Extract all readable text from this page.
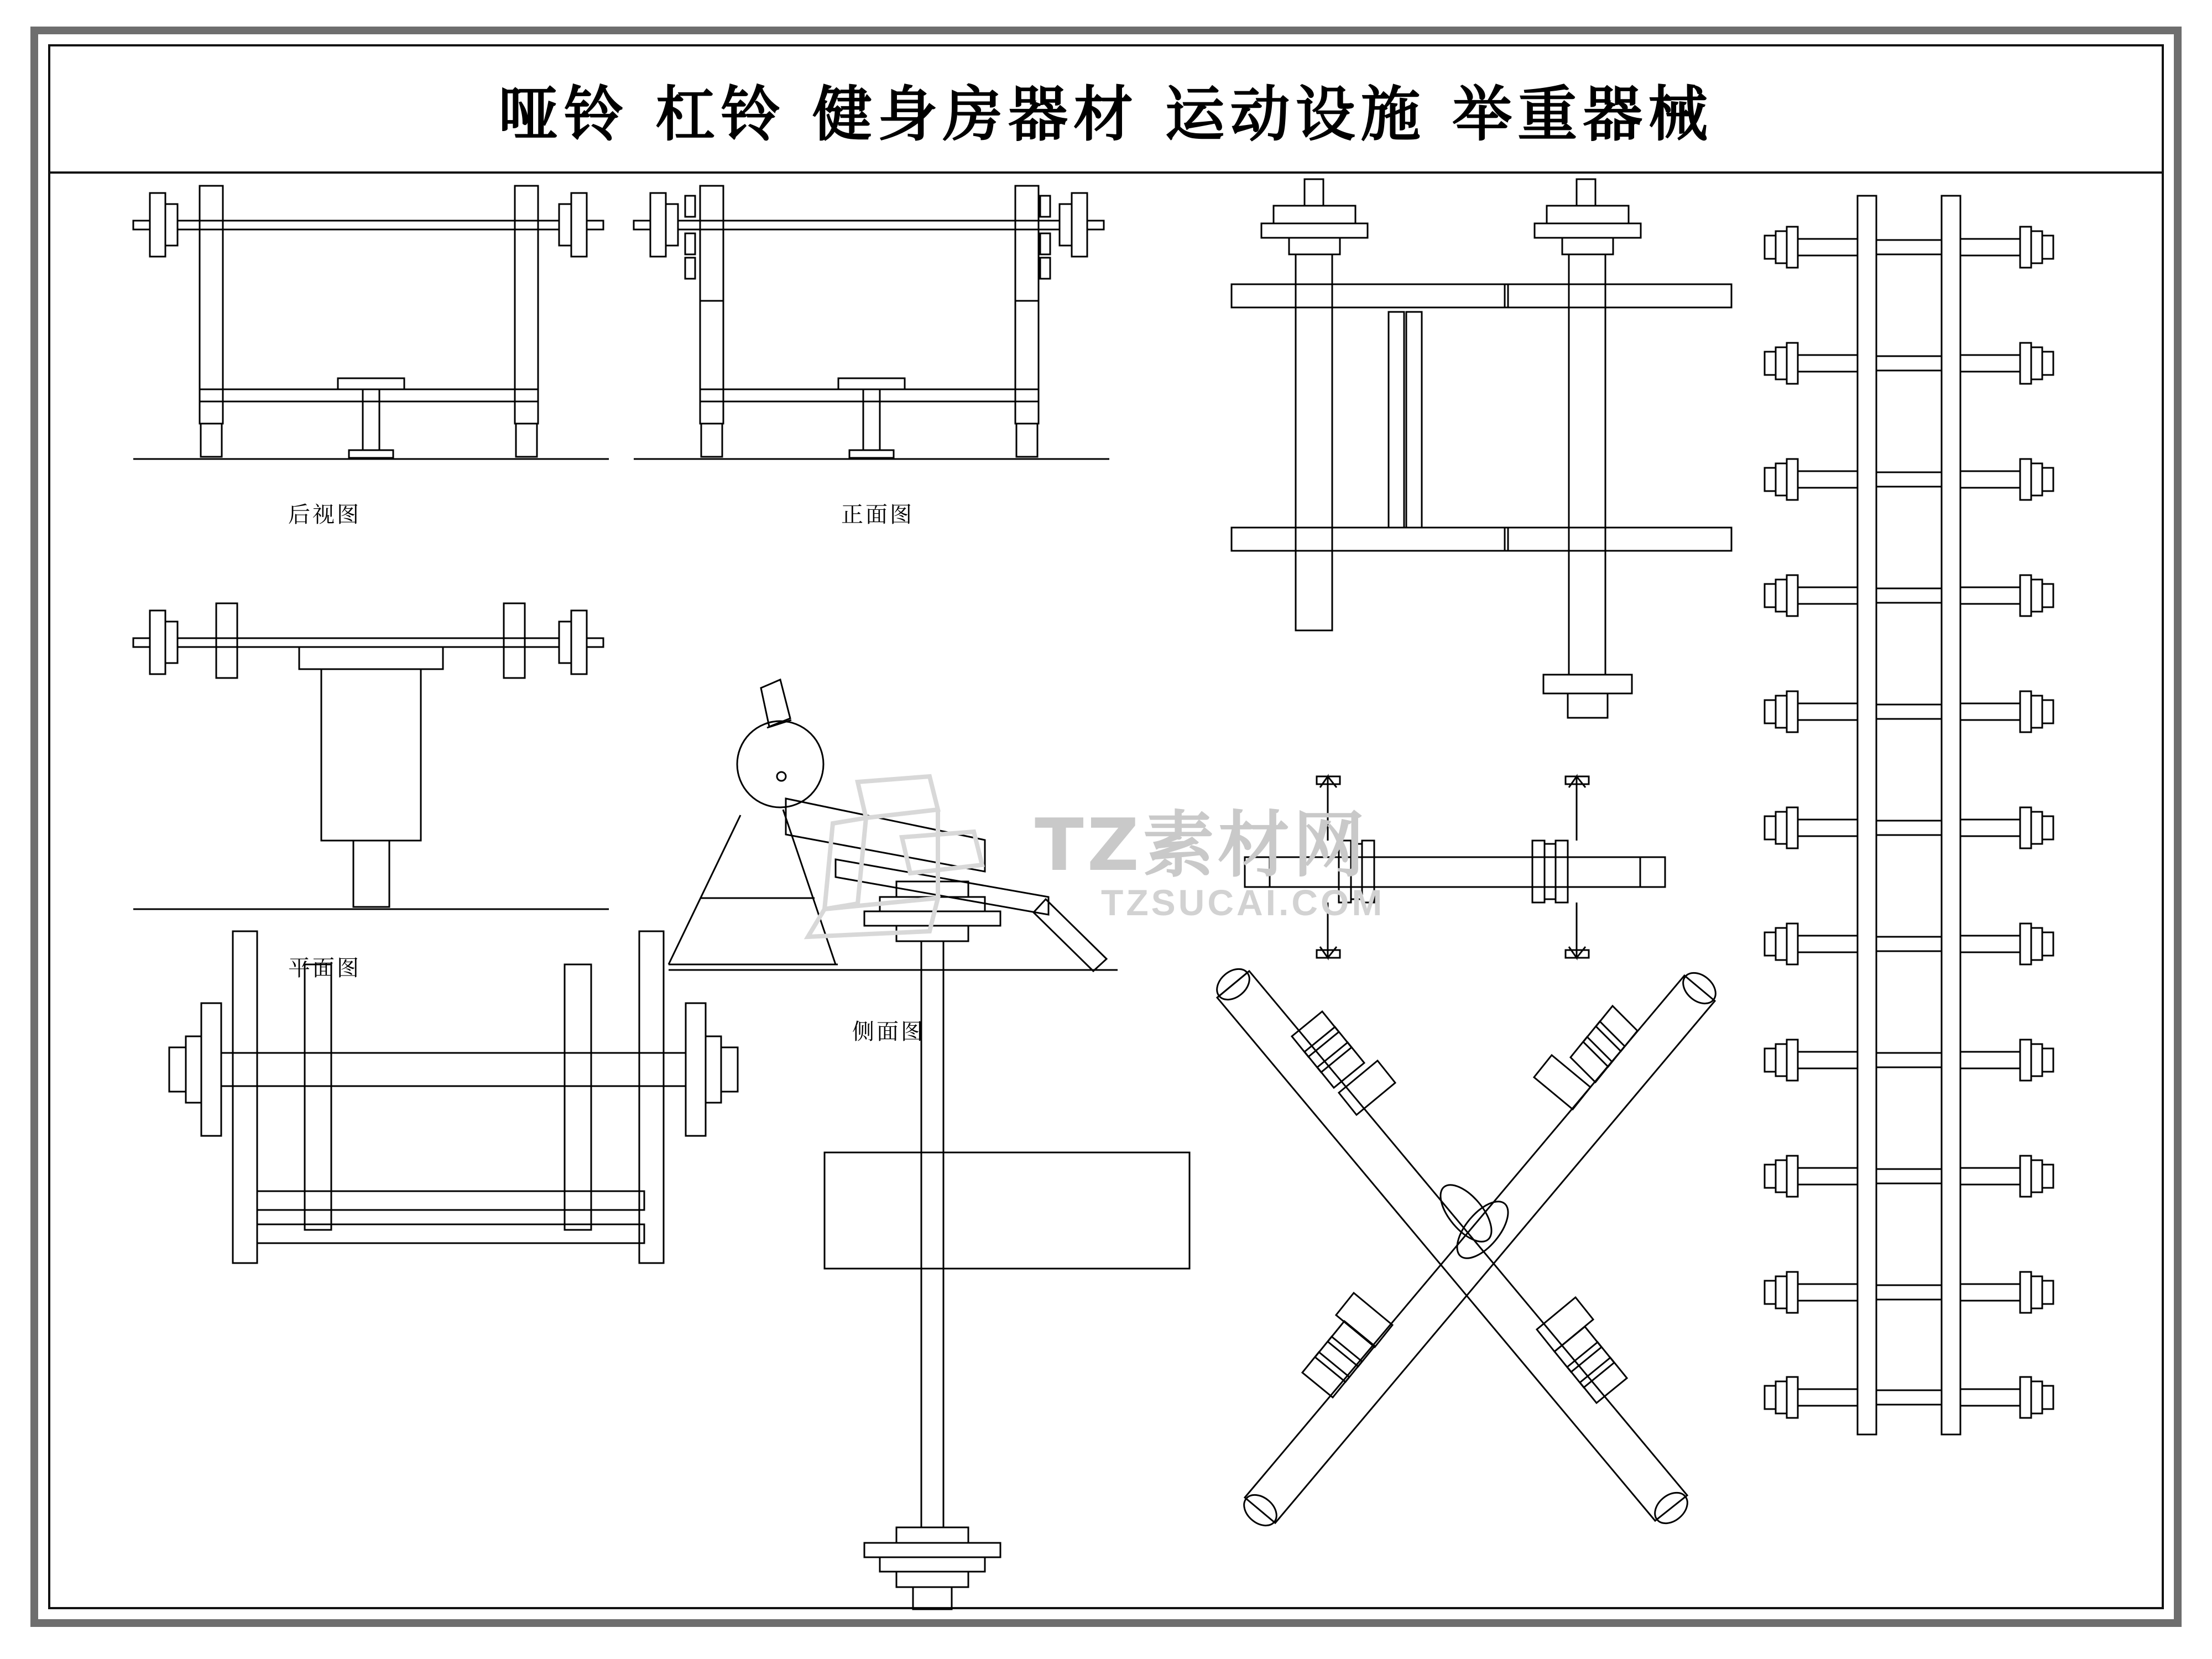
哑铃 杠铃 健身房器材 运动设施 举重器械
TZ素材网
TZSUCAI.COM
后视图	正面图
平面图
侧面图
